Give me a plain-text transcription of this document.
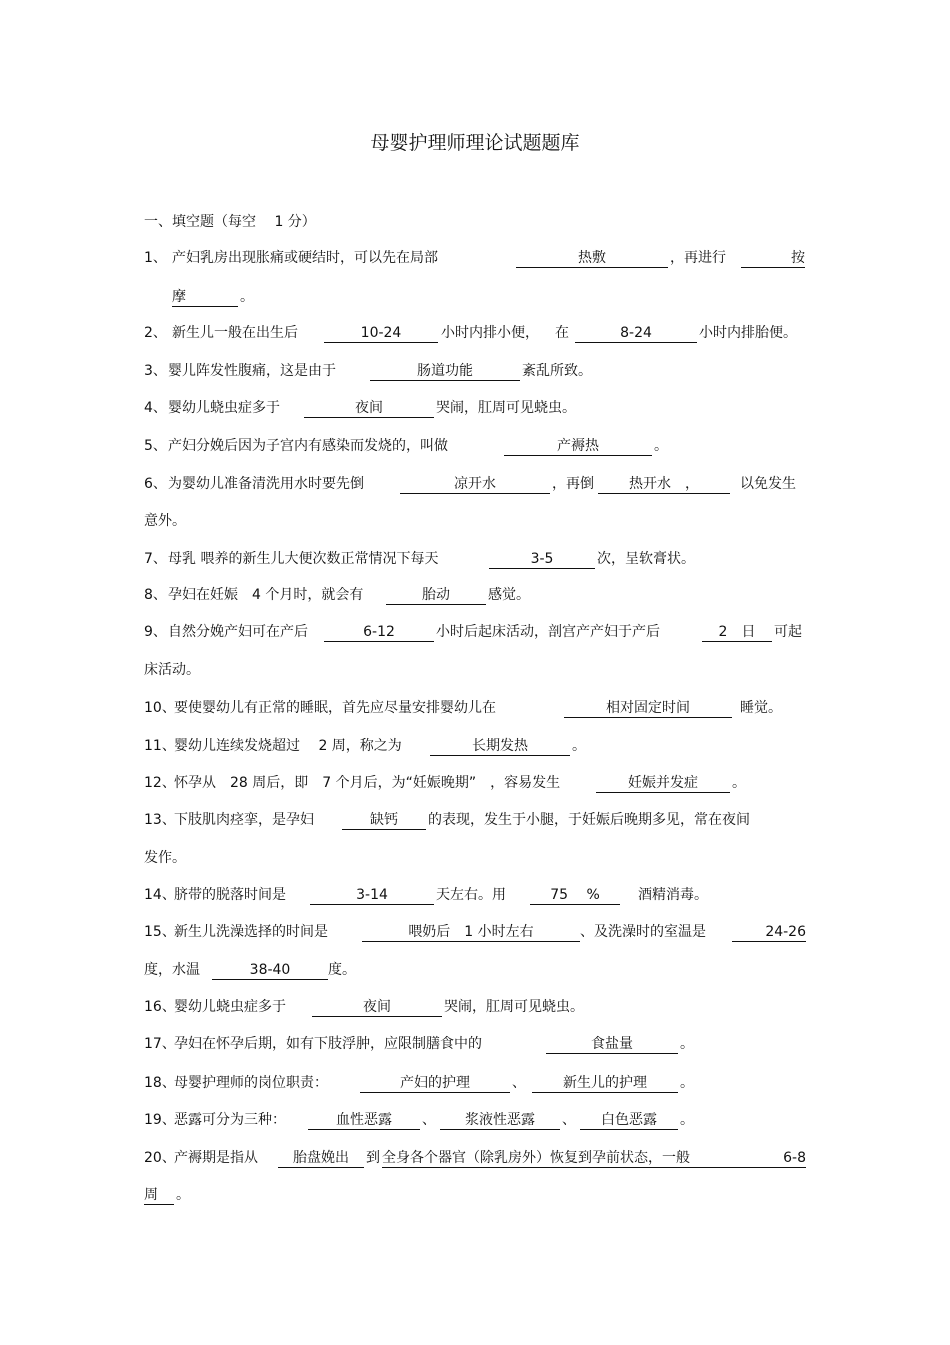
母婴护理师理论试题题库
一、填空题（每空　 1 分）
1、 产妇乳房出现胀痛或硬结时，可以先在局部	热敷	，再进行	按
摩	。
2、 新生儿一般在出生后	10-24	小时内排小便， 在	8-24	小时内排胎便。
3、 婴儿阵发性腹痛，这是由于	肠道功能	紊乱所致。
4、 婴幼儿蛲虫症多于	夜间	哭闹，肛周可见蛲虫。
5、 产妇分娩后因为子宫内有感染而发烧的，叫做	产褥热	。
6、 为婴幼儿准备清洗用水时要先倒	凉开水	，再倒	热开水　，	以免发生
意外。
7、 母乳 喂养的新生儿大便次数正常情况下每天	3-5	次，呈软膏状。
8、 孕妇在妊娠　4 个月时，就会有	胎动	感觉。
9、 自然分娩产妇可在产后	6-12	小时后起床活动，剖宫产产妇于产后	2　日	可起
床活动。
10、
要使婴幼儿有正常的睡眠，首先应尽量安排婴幼儿在	相对固定时间	睡觉。
11、
婴幼儿连续发烧超过　 2 周，称之为	长期发热	。
12、
怀孕从　28 周后，即　7 个月后，为“妊娠晚期”　，容易发生	妊娠并发症	。
13、
下肢肌肉痉挛，是孕妇	缺钙	的表现，发生于小腿，于妊娠后晚期多见，常在夜间
发作。
14、
脐带的脱落时间是	3-14	天左右。用	75　 %	酒精消毒。
15、
新生儿洗澡选择的时间是	喂奶后　1 小时左右	、及洗澡时的室温是	24-26
度，水温	38-40	度。
16、
婴幼儿蛲虫症多于	夜间	哭闹，肛周可见蛲虫。
17、
孕妇在怀孕后期，如有下肢浮肿，应限制膳食中的	食盐量	。
18、
母婴护理师的岗位职责：	产妇的护理	、	新生儿的护理	。
19、
恶露可分为三种：	血性恶露	、	浆液性恶露	、	白色恶露	。
20、
产褥期是指从	胎盘娩出	到 全身各个器官（除乳房外）恢复到孕前状态，一般	6-8
周	。
